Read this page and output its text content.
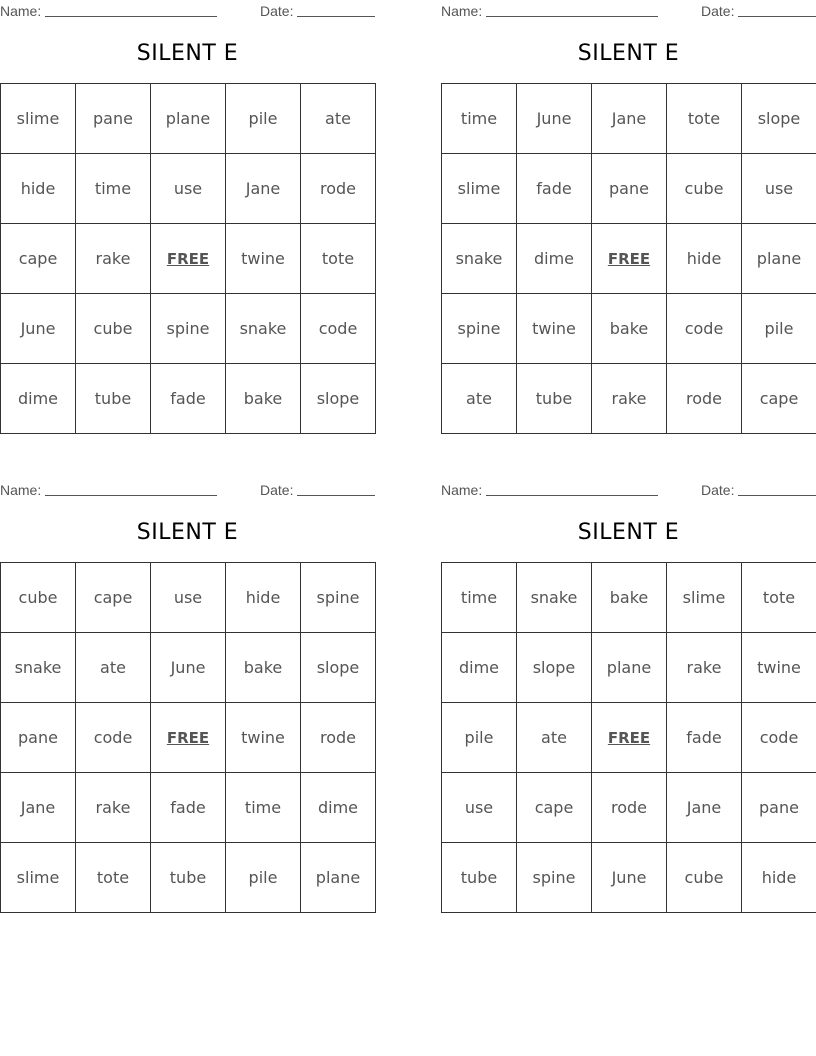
Name:	Date:
SILENT E
slime	pane	plane	pile	ate
hide	time	use	Jane	rode
cape	rake	FREE	twine	tote
June	cube	spine	snake	code
dime	tube	fade	bake	slope
Name:	Date:
SILENT E
time	June	Jane	tote	slope
slime	fade	pane	cube	use
snake	dime	FREE	hide	plane
spine	twine	bake	code	pile
ate	tube	rake	rode	cape
Name:	Date:
SILENT E
cube	cape	use	hide	spine
snake	ate	June	bake	slope
pane	code	FREE	twine	rode
Jane	rake	fade	time	dime
slime	tote	tube	pile	plane
Name:	Date:
SILENT E
time	snake	bake	slime	tote
dime	slope	plane	rake	twine
pile	ate	FREE	fade	code
use	cape	rode	Jane	pane
tube	spine	June	cube	hide
